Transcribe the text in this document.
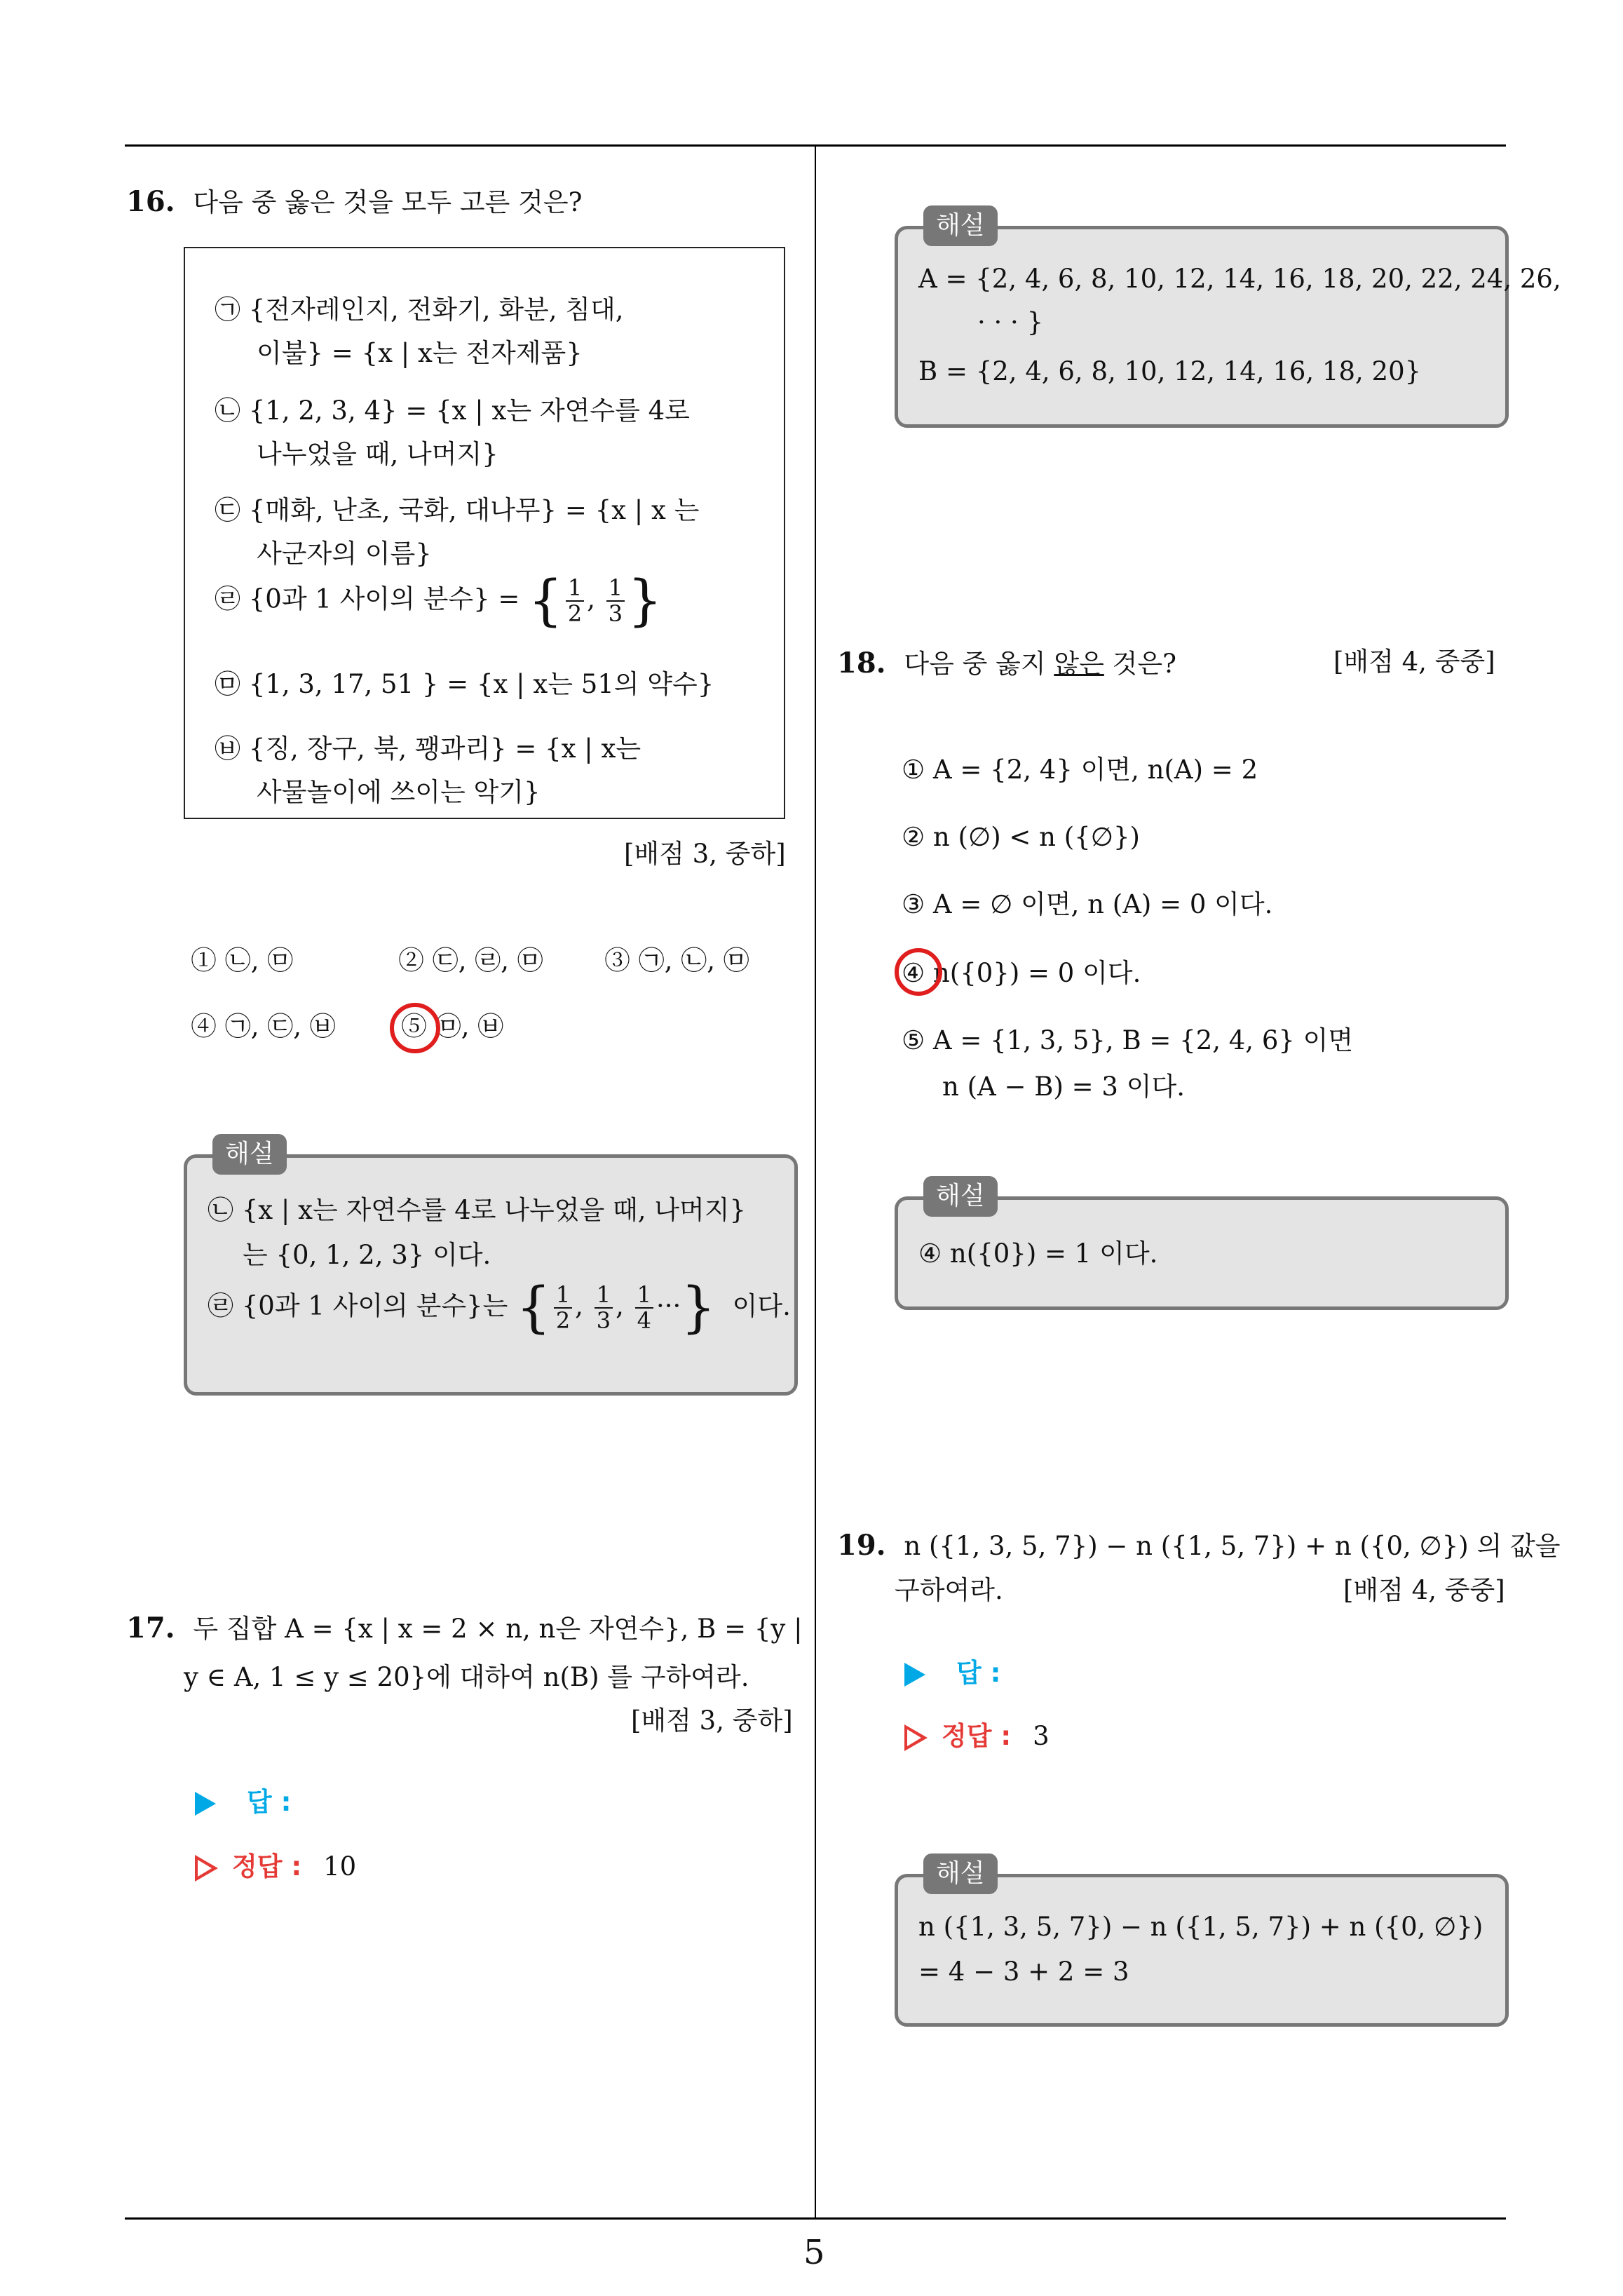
16. 다음 중 옳은 것을 모두 고른 것은?
㉠ {전자레인지, 전화기, 화분, 침대,
이불} = {x | x는 전자제품}
㉡ {1, 2, 3, 4} = {x | x는 자연수를 4로
나누었을 때, 나머지}
㉢ {매화, 난초, 국화, 대나무} = {x | x 는
사군자의 이름}
㉣ {0과 1 사이의 분수} = { $\frac{1}{2}$ , $\frac{1}{3}$ }
㉤ {1, 3, 17, 51 } = {x | x는 51의 약수}
㉥ {징, 장구, 북, 꽹과리} = {x | x는
사물놀이에 쓰이는 악기}
[배점 3, 중하]
① ㉡, ㉤	② ㉢, ㉣, ㉤ ③ ㉠, ㉡, ㉤
④ ㉠, ㉢, ㉥	⑤ ㉤, ㉥
해설
㉡ {x | x는 자연수를 4로 나누었을 때, 나머지}
는 {0, 1, 2, 3} 이다.
㉣ {0과 1 사이의 분수}는 { $\frac{1}{2}$ , $\frac{1}{3}$ , $\frac{1}{4}$ ···} 이다.
17. 두 집합 A = {x | x = 2 × n, n은 자연수}, B = {y |
y ∈ A, 1 ≤ y ≤ 20}에 대하여 n(B) 를 구하여라.
[배점 3, 중하]
답 :
정답 : 10
해설
A = {2, 4, 6, 8, 10, 12, 14, 16, 18, 20, 22, 24, 26,
· · · }
B = {2, 4, 6, 8, 10, 12, 14, 16, 18, 20}
18. 다음 중 옳지 않은 것은?	[배점 4, 중중]
① A = {2, 4} 이면, n(A) = 2
② n (∅) < n ({∅})
③ A = ∅ 이면, n (A) = 0 이다.
④ n({0}) = 0 이다.
⑤ A = {1, 3, 5}, B = {2, 4, 6} 이면
n (A − B) = 3 이다.
해설
④ n({0}) = 1 이다.
19. n ({1, 3, 5, 7}) − n ({1, 5, 7}) + n ({0, ∅}) 의 값을
구하여라.	[배점 4, 중중]
답 :
정답 : 3
해설
n ({1, 3, 5, 7}) − n ({1, 5, 7}) + n ({0, ∅})
= 4 − 3 + 2 = 3
5
